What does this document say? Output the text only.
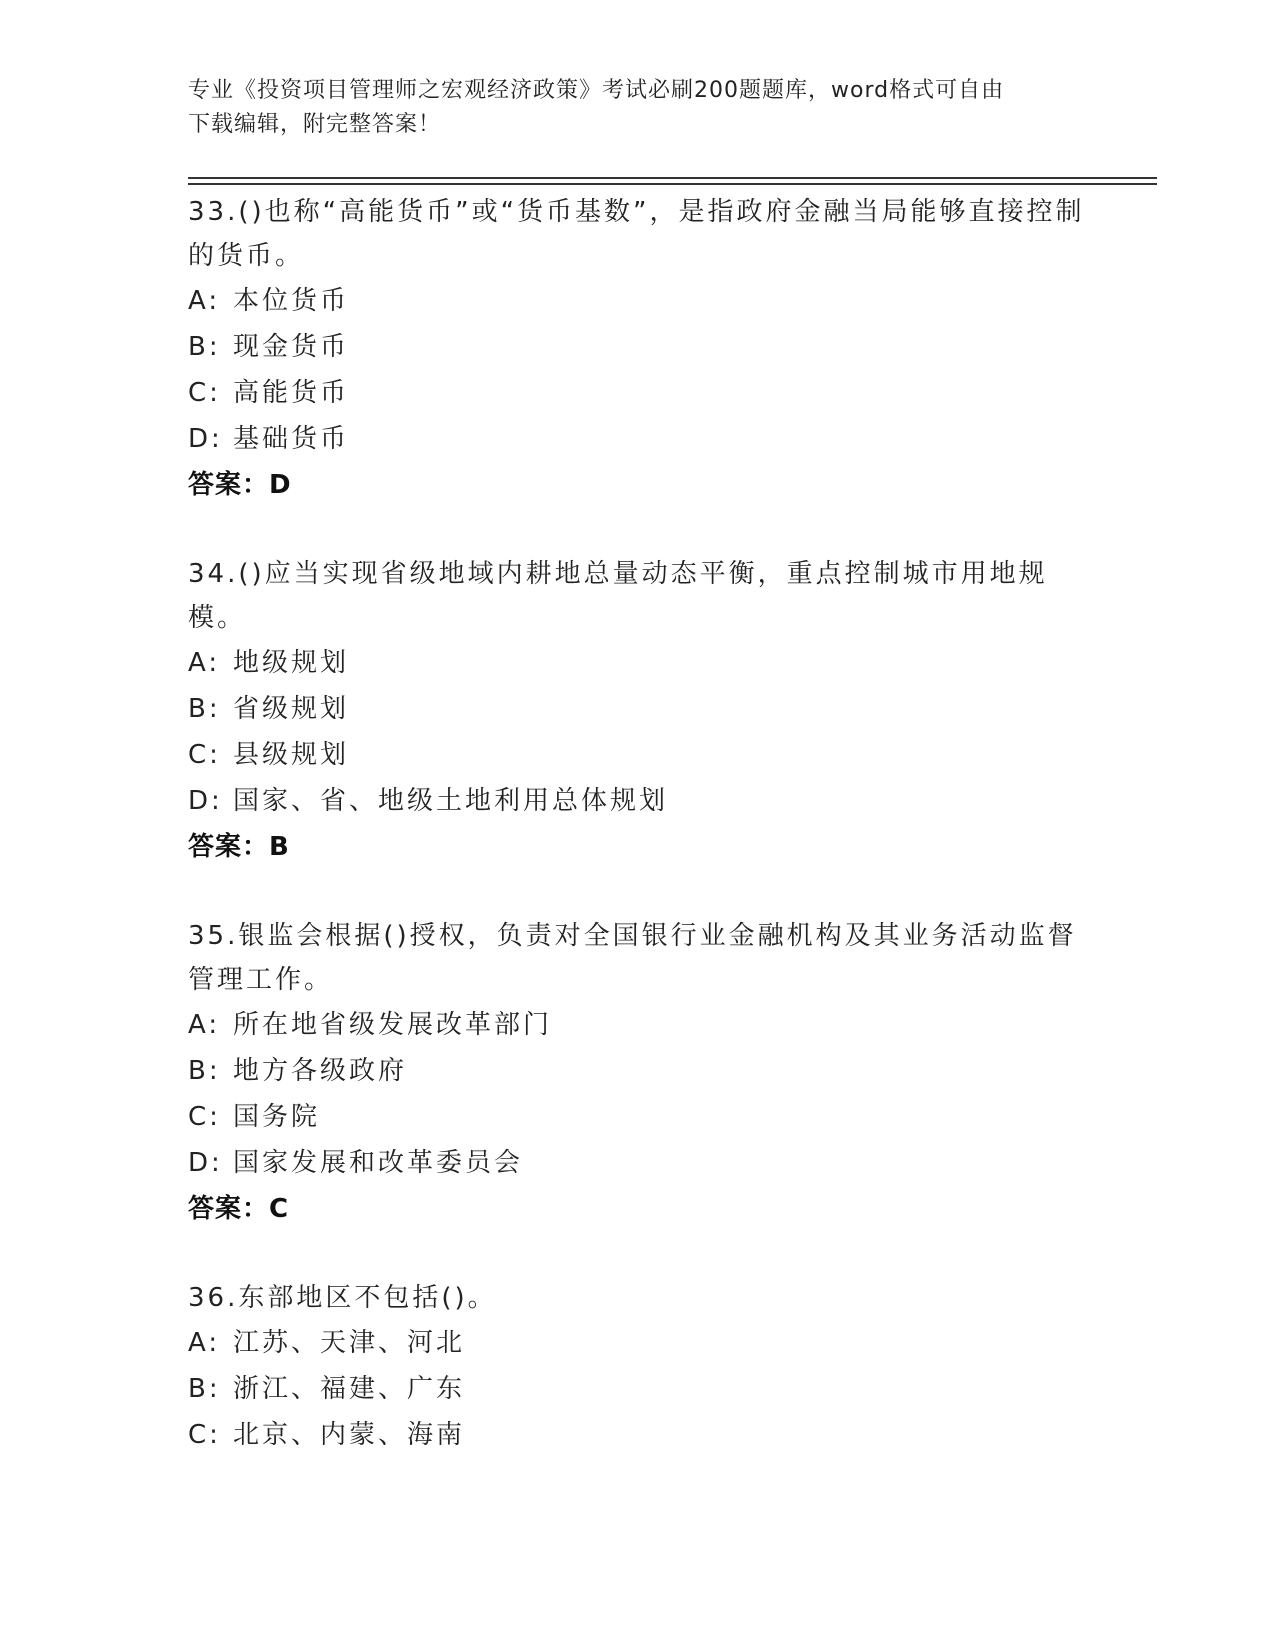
专业《投资项目管理师之宏观经济政策》考试必刷200题题库，word格式可自由
下载编辑，附完整答案！
33.()也称“高能货币”或“货币基数”，是指政府金融当局能够直接控制的货币。
A: 本位货币
B: 现金货币
C: 高能货币
D: 基础货币
答案：D
34.()应当实现省级地域内耕地总量动态平衡，重点控制城市用地规模。
A: 地级规划
B: 省级规划
C: 县级规划
D: 国家、省、地级土地利用总体规划
答案：B
35.银监会根据()授权，负责对全国银行业金融机构及其业务活动监督管理工作。
A: 所在地省级发展改革部门
B: 地方各级政府
C: 国务院
D: 国家发展和改革委员会
答案：C
36.东部地区不包括()。
A: 江苏、天津、河北
B: 浙江、福建、广东
C: 北京、内蒙、海南
